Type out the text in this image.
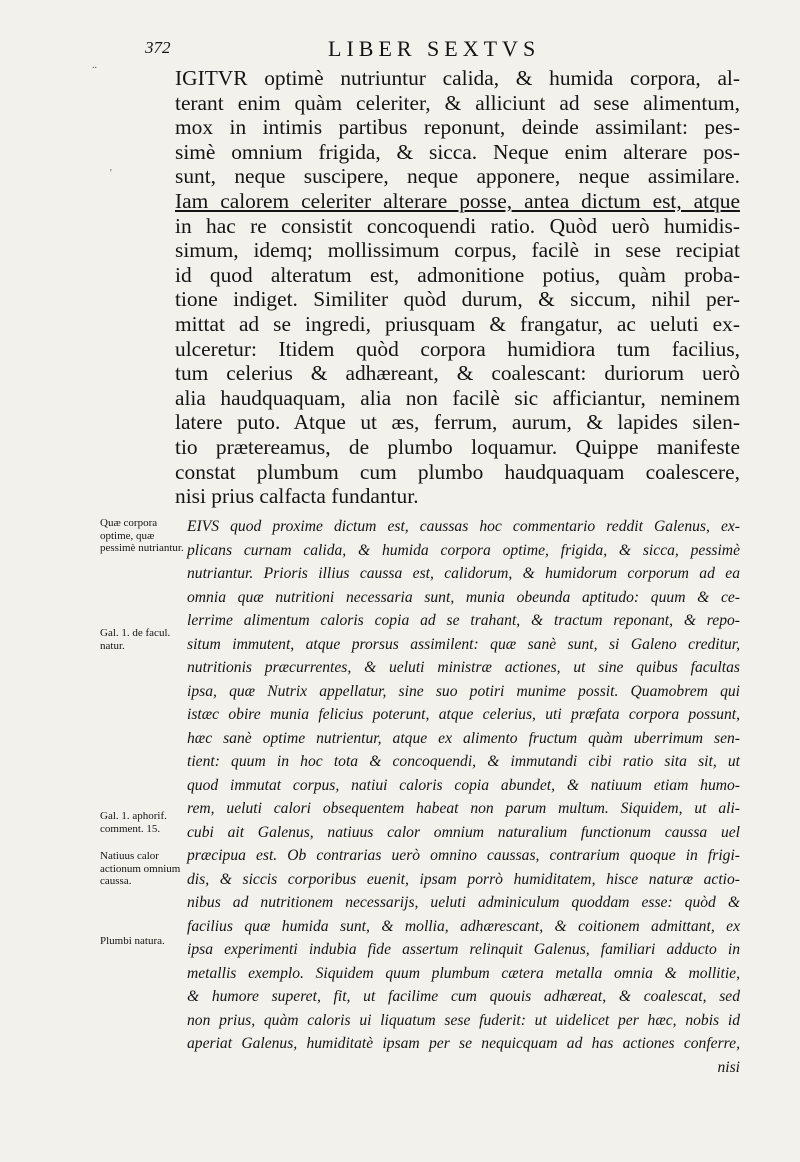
372	LIBER SEXTVS
..
'
IGITVR optimè nutriuntur calida, & humida corpora, al-
terant enim quàm celeriter, & alliciunt ad sese alimentum,
mox in intimis partibus reponunt, deinde assimilant: pes-
simè omnium frigida, & sicca. Neque enim alterare pos-
sunt, neque suscipere, neque apponere, neque assimilare.
Iam calorem celeriter alterare posse, antea dictum est, atque
in hac re consistit concoquendi ratio. Quòd uerò humidis-
simum, idemq; mollissimum corpus, facilè in sese recipiat
id quod alteratum est, admonitione potius, quàm proba-
tione indiget. Similiter quòd durum, & siccum, nihil per-
mittat ad se ingredi, priusquam & frangatur, ac ueluti ex-
ulceretur: Itidem quòd corpora humidiora tum facilius,
tum celerius & adhæreant, & coalescant: duriorum uerò
alia haudquaquam, alia non facilè sic afficiantur, neminem
latere puto. Atque ut æs, ferrum, aurum, & lapides silen-
tio prætereamus, de plumbo loquamur. Quippe manifeste
constat plumbum cum plumbo haudquaquam coalescere,
nisi prius calfacta fundantur.
Quæ corpora optime, quæ pessimè nutriantur.
Gal. 1. de facul. natur.
Gal. 1. aphorif. comment. 15.
Natiuus calor actionum omnium caussa.
Plumbi natura.
EIVS quod proxime dictum est, caussas hoc commentario reddit Galenus, ex-
plicans curnam calida, & humida corpora optime, frigida, & sicca, pessimè
nutriantur. Prioris illius caussa est, calidorum, & humidorum corporum ad ea
omnia quæ nutritioni necessaria sunt, munia obeunda aptitudo: quum & ce-
lerrime alimentum caloris copia ad se trahant, & tractum reponant, & repo-
situm immutent, atque prorsus assimilent: quæ sanè sunt, si Galeno creditur,
nutritionis præcurrentes, & ueluti ministræ actiones, ut sine quibus facultas
ipsa, quæ Nutrix appellatur, sine suo potiri munime possit. Quamobrem qui
istæc obire munia felicius poterunt, atque celerius, uti præfata corpora possunt,
hæc sanè optime nutrientur, atque ex alimento fructum quàm uberrimum sen-
tient: quum in hoc tota & concoquendi, & immutandi cibi ratio sita sit, ut
quod immutat corpus, natiui caloris copia abundet, & natiuum etiam humo-
rem, ueluti calori obsequentem habeat non parum multum. Siquidem, ut ali-
cubi ait Galenus, natiuus calor omnium naturalium functionum caussa uel
præcipua est. Ob contrarias uerò omnino caussas, contrarium quoque in frigi-
dis, & siccis corporibus euenit, ipsam porrò humiditatem, hisce naturæ actio-
nibus ad nutritionem necessarijs, ueluti adminiculum quoddam esse: quòd &
facilius quæ humida sunt, & mollia, adhærescant, & coitionem admittant, ex
ipsa experimenti indubia fide assertum relinquit Galenus, familiari adducto in
metallis exemplo. Siquidem quum plumbum cætera metalla omnia & mollitie,
& humore superet, fit, ut facilime cum quouis adhæreat, & coalescat, sed
non prius, quàm caloris ui liquatum sese fuderit: ut uidelicet per hæc, nobis id
aperiat Galenus, humiditatè ipsam per se nequicquam ad has actiones conferre,
nisi
